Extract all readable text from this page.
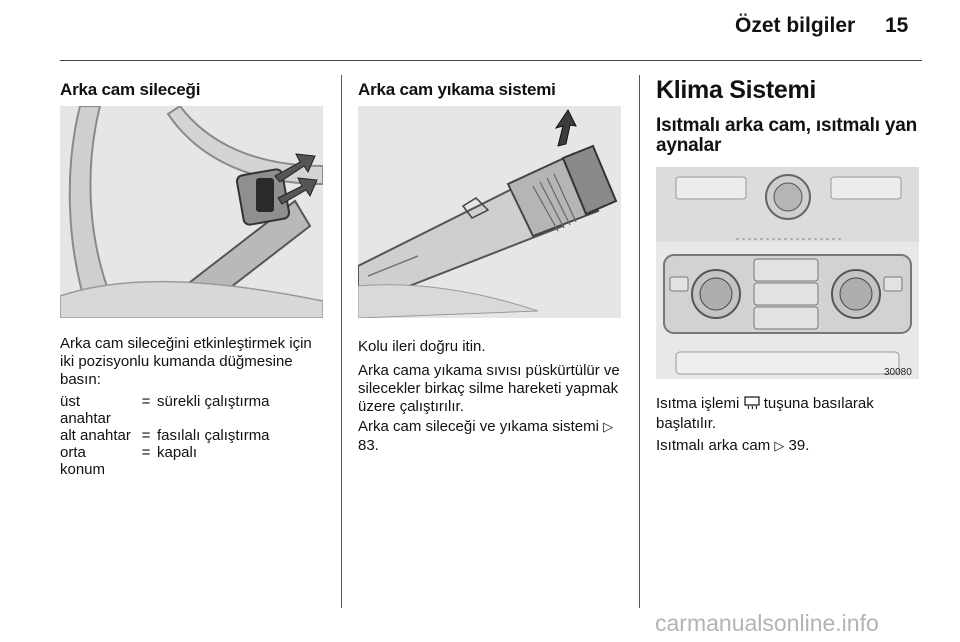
Özet bilgiler 15
Arka cam sileceği

Arka cam sileceğini etkinleştirmek için iki pozisyonlu kumanda düğmesine basın:

üst anahtar	=	sürekli çalıştırma
alt anahtar	=	fasılalı çalıştırma
orta konum	=	kapalı
Arka cam yıkama sistemi

Kolu ileri doğru itin.

Arka cama yıkama sıvısı püskürtülür ve silecekler birkaç silme hareketi yapmak üzere çalıştırılır.

Arka cam sileceği ve yıkama sistemi ▷ 83.

Klima Sistemi
Isıtmalı arka cam, ısıtmalı yan aynalar
30080

Isıtma işlemi tuşuna basılarak başlatılır.

Isıtmalı arka cam ▷ 39.

carmanualsonline.info
